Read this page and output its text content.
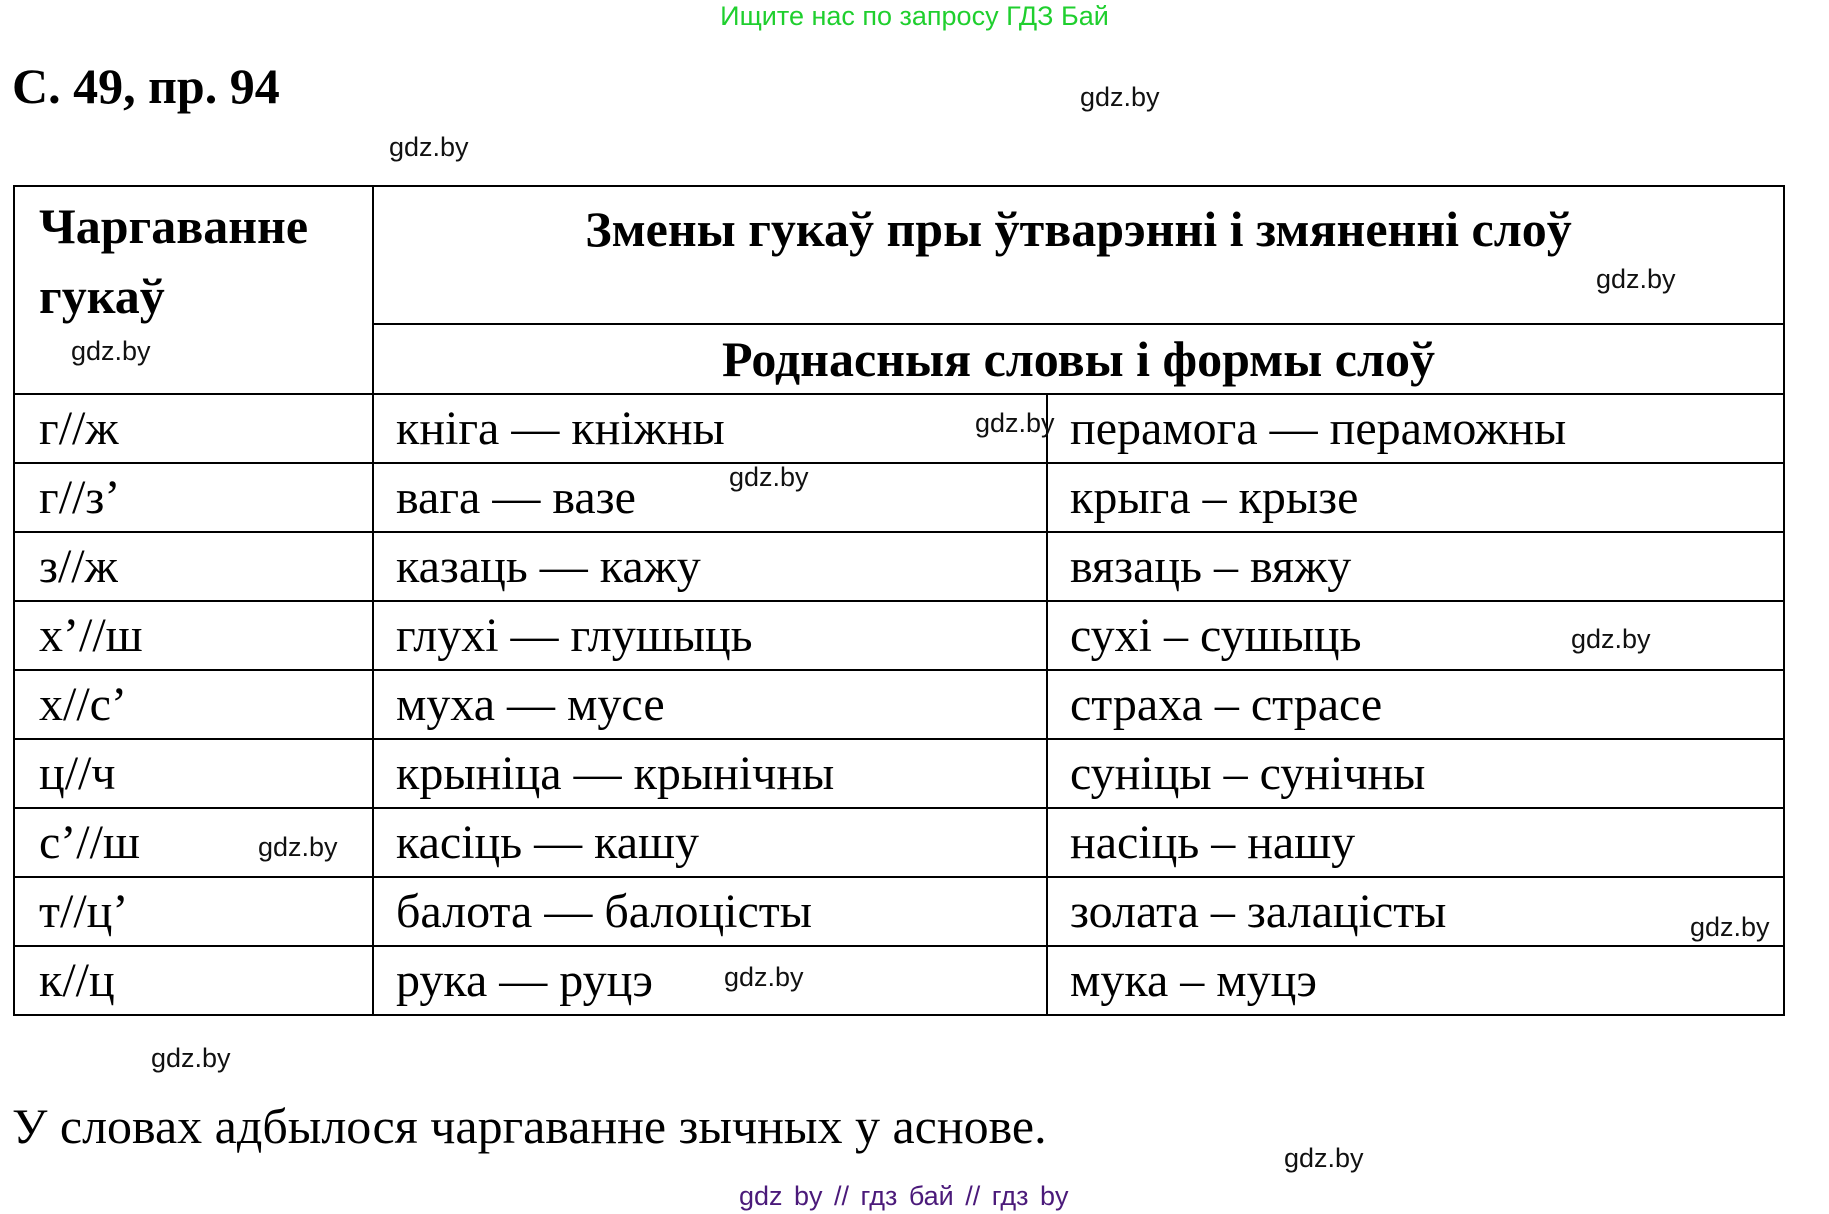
Ищите нас по запросу ГДЗ Бай
С. 49, пр. 94	gdz.by
gdz.by
Чаргаванне гукаў	Змены гукаў пры ўтварэнні і змяненні слоў	

	Роднасныя словы і формы слоў	
г//ж	кніга — кніжны	перамога — пераможны
г//з’	вага — вазе	крыга – крызе
з//ж	казаць — кажу	вязаць – вяжу
х’//ш	глухі — глушыць	сухі – сушыць
х//с’	муха — мусе	страха – страсе
ц//ч	крыніца — крынічны	суніцы – сунічны
с’//ш	касіць — кашу	насіць – нашу
т//ц’	балота — балоцісты	золата – залацісты
к//ц	рука — руцэ	мука – муцэ
gdz.by
gdz.by
gdz.by
gdz.by
gdz.by
gdz.by
gdz.by
gdz.by
gdz.by
У словах адбылося чаргаванне зычных у аснове.
gdz.by
gdz by // гдз бай // гдз by
